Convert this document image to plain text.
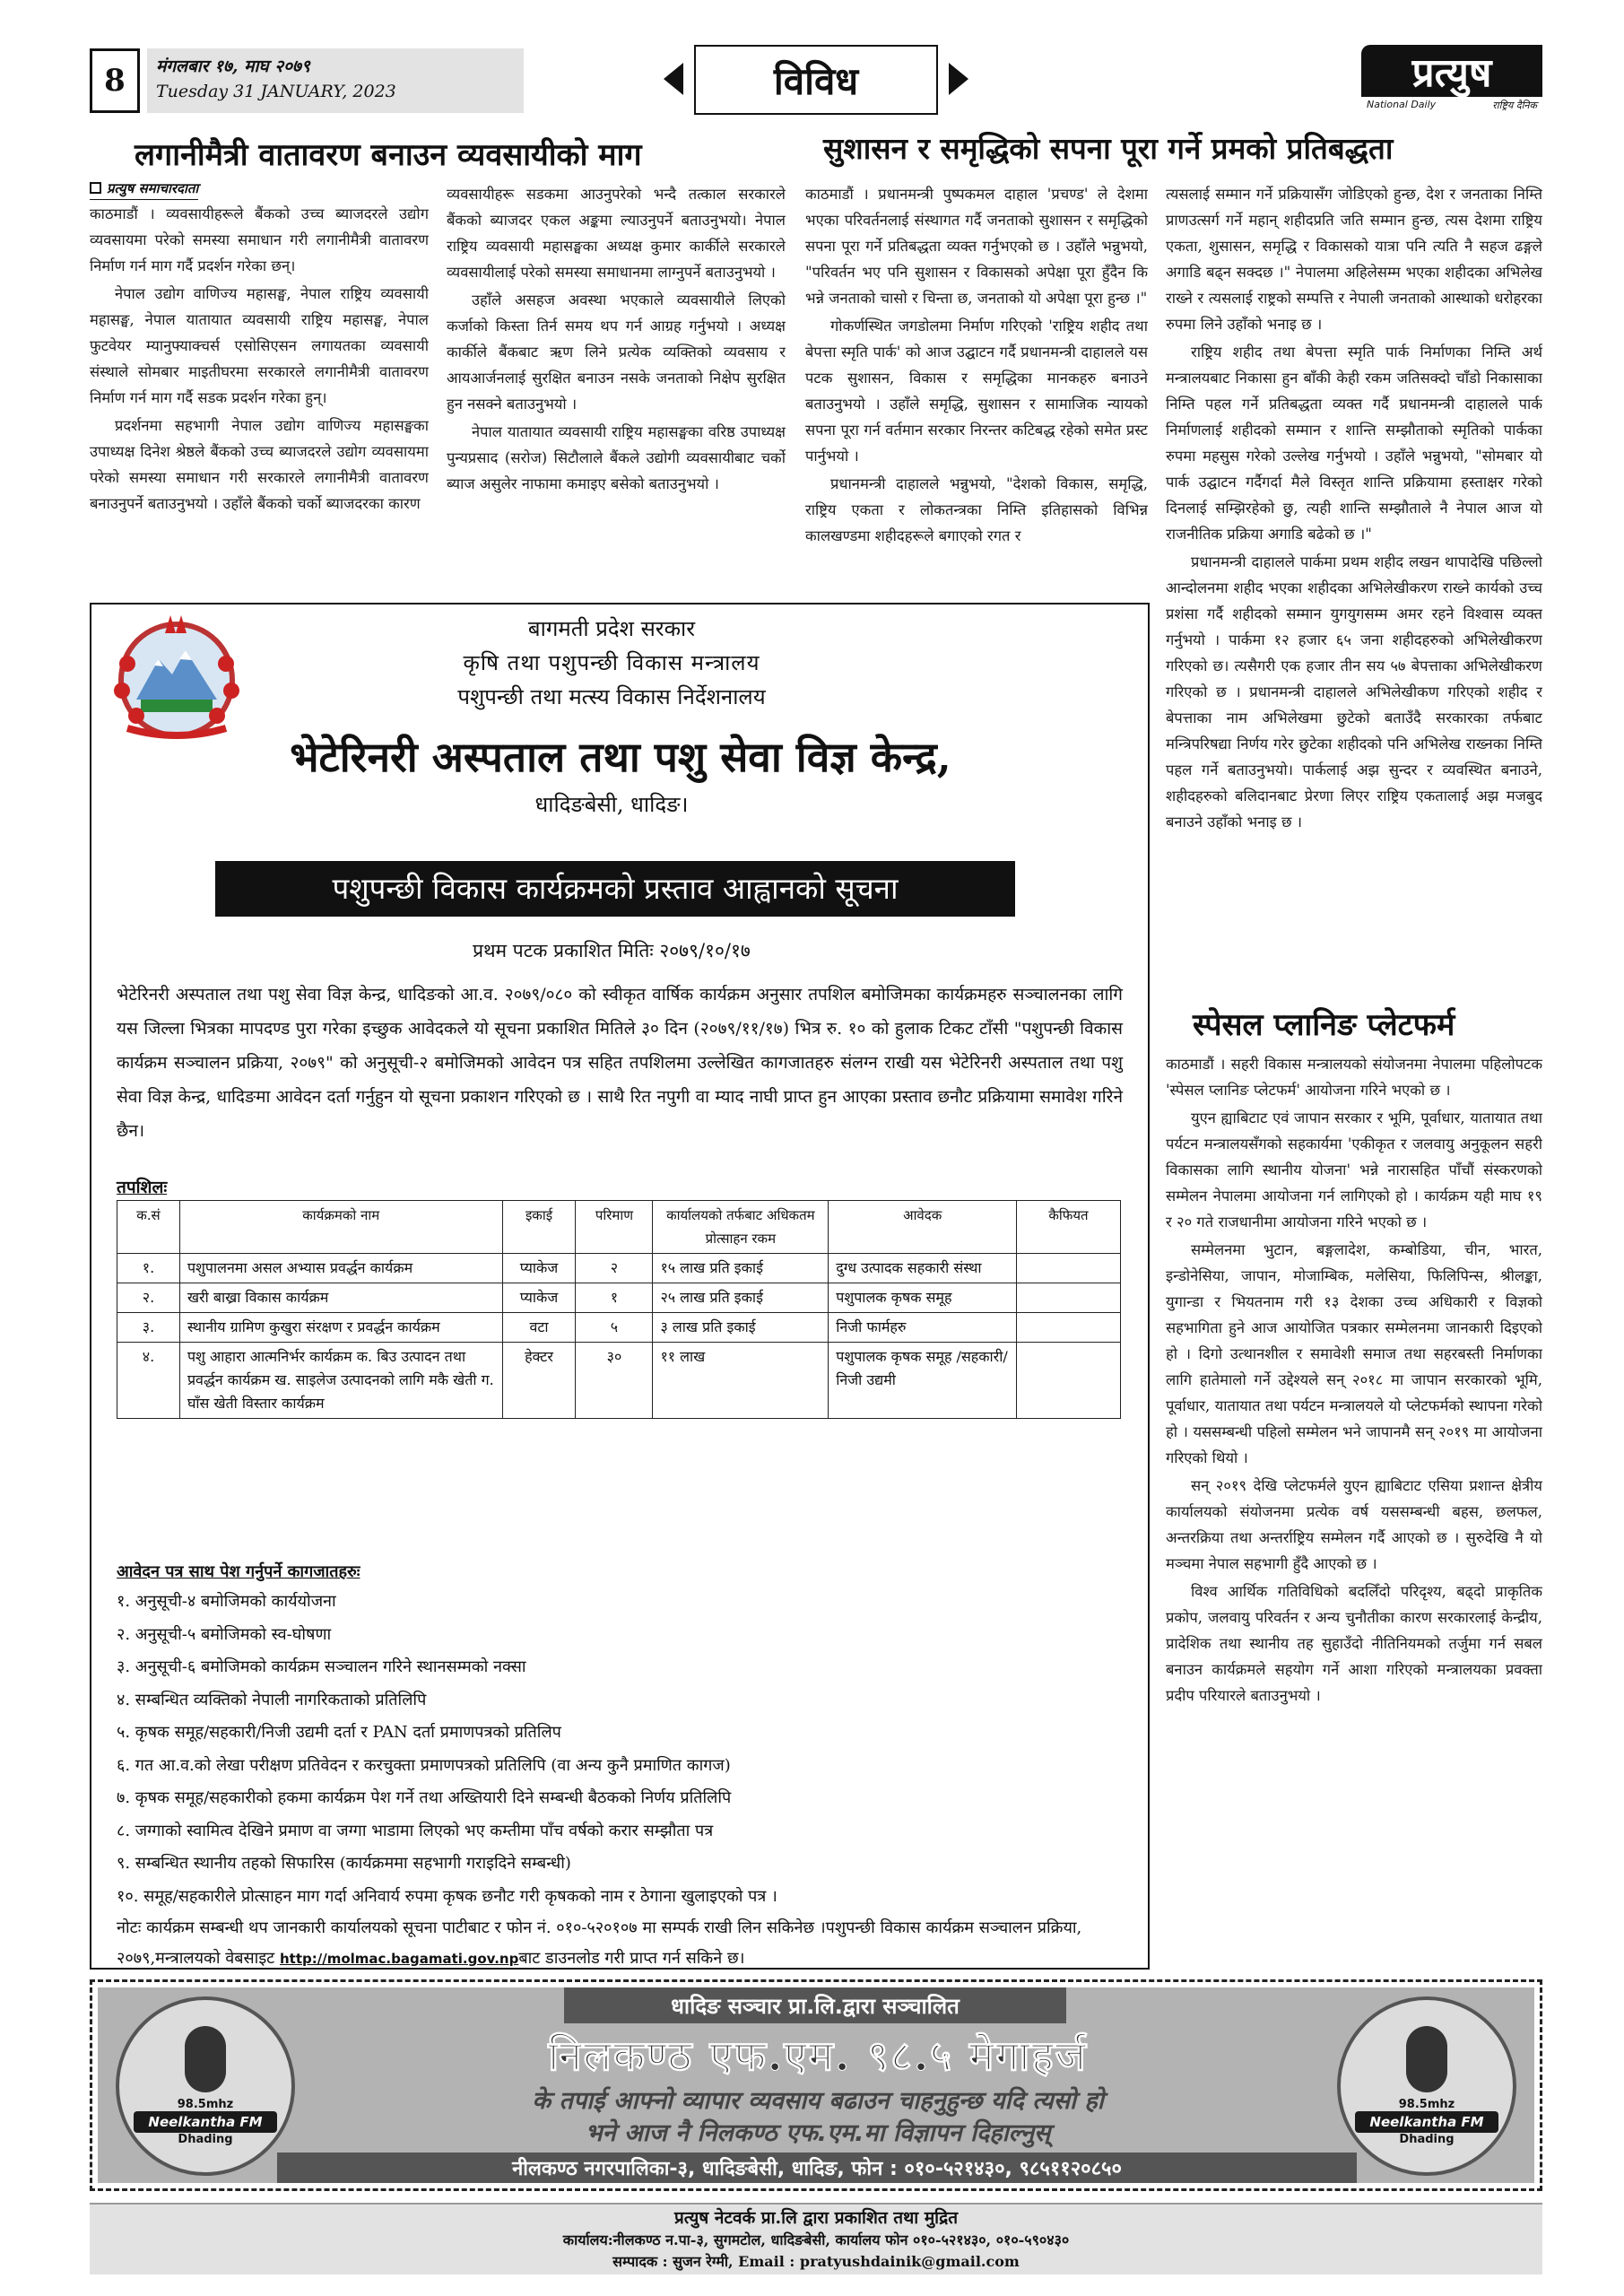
8	मंगलबार १७, माघ २०७९
Tuesday 31 JANUARY, 2023	विविध	प्रत्युष
National Daily	राष्ट्रिय दैनिक
लगानीमैत्री वातावरण बनाउन व्यवसायीको माग
प्रत्युष समाचारदाता

काठमाडौं । व्यवसायीहरूले बैंकको उच्च ब्याजदरले उद्योग व्यवसायमा परेको समस्या समाधान गरी लगानीमैत्री वातावरण निर्माण गर्न माग गर्दै प्रदर्शन गरेका छन्।

नेपाल उद्योग वाणिज्य महासङ्घ, नेपाल राष्ट्रिय व्यवसायी महासङ्घ, नेपाल यातायात व्यवसायी राष्ट्रिय महासङ्घ, नेपाल फुटवेयर म्यानुफ्याक्चर्स एसोसिएसन लगायतका व्यवसायी संस्थाले सोमबार माइतीघरमा सरकारले लगानीमैत्री वातावरण निर्माण गर्न माग गर्दै सडक प्रदर्शन गरेका हुन्।

प्रदर्शनमा सहभागी नेपाल उद्योग वाणिज्य महासङ्घका उपाध्यक्ष दिनेश श्रेष्ठले बैंकको उच्च ब्याजदरले उद्योग व्यवसायमा परेको समस्या समाधान गरी सरकारले लगानीमैत्री वातावरण बनाउनुपर्ने बताउनुभयो । उहाँले बैंकको चर्को ब्याजदरका कारण

व्यवसायीहरू सडकमा आउनुपरेको भन्दै तत्काल सरकारले बैंकको ब्याजदर एकल अङ्कमा ल्याउनुपर्ने बताउनुभयो। नेपाल राष्ट्रिय व्यवसायी महासङ्घका अध्यक्ष कुमार कार्कीले सरकारले व्यवसायीलाई परेको समस्या समाधानमा लाग्नुपर्ने बताउनुभयो ।

उहाँले असहज अवस्था भएकाले व्यवसायीले लिएको कर्जाको किस्ता तिर्न समय थप गर्न आग्रह गर्नुभयो । अध्यक्ष कार्कीले बैंकबाट ऋण लिने प्रत्येक व्यक्तिको व्यवसाय र आयआर्जनलाई सुरक्षित बनाउन नसके जनताको निक्षेप सुरक्षित हुन नसक्ने बताउनुभयो ।

नेपाल यातायात व्यवसायी राष्ट्रिय महासङ्घका वरिष्ठ उपाध्यक्ष पुन्यप्रसाद (सरोज) सिटौलाले बैंकले उद्योगी व्यवसायीबाट चर्को ब्याज असुलेर नाफामा कमाइए बसेको बताउनुभयो ।

सुशासन र समृद्धिको सपना पूरा गर्ने प्रमको प्रतिबद्धता

काठमाडौं । प्रधानमन्त्री पुष्पकमल दाहाल 'प्रचण्ड' ले देशमा भएका परिवर्तनलाई संस्थागत गर्दै जनताको सुशासन र समृद्धिको सपना पूरा गर्ने प्रतिबद्धता व्यक्त गर्नुभएको छ । उहाँले भन्नुभयो, "परिवर्तन भए पनि सुशासन र विकासको अपेक्षा पूरा हुँदैन कि भन्ने जनताको चासो र चिन्ता छ, जनताको यो अपेक्षा पूरा हुन्छ ।"

गोकर्णस्थित जगडोलमा निर्माण गरिएको 'राष्ट्रिय शहीद तथा बेपत्ता स्मृति पार्क' को आज उद्घाटन गर्दै प्रधानमन्त्री दाहालले यस पटक सुशासन, विकास र समृद्धिका मानकहरु बनाउने बताउनुभयो । उहाँले समृद्धि, सुशासन र सामाजिक न्यायको सपना पूरा गर्न वर्तमान सरकार निरन्तर कटिबद्ध रहेको समेत प्रस्ट पार्नुभयो ।

प्रधानमन्त्री दाहालले भन्नुभयो, "देशको विकास, समृद्धि, राष्ट्रिय एकता र लोकतन्त्रका निम्ति इतिहासको विभिन्न कालखण्डमा शहीदहरूले बगाएको रगत र

त्यसलाई सम्मान गर्ने प्रक्रियासँग जोडिएको हुन्छ, देश र जनताका निम्ति प्राणउत्सर्ग गर्ने महान् शहीदप्रति जति सम्मान हुन्छ, त्यस देशमा राष्ट्रिय एकता, शुसासन, समृद्धि र विकासको यात्रा पनि त्यति नै सहज ढङ्गले अगाडि बढ्न सक्दछ ।" नेपालमा अहिलेसम्म भएका शहीदका अभिलेख राख्ने र त्यसलाई राष्ट्रको सम्पत्ति र नेपाली जनताको आस्थाको धरोहरका रुपमा लिने उहाँको भनाइ छ ।

राष्ट्रिय शहीद तथा बेपत्ता स्मृति पार्क निर्माणका निम्ति अर्थ मन्त्रालयबाट निकासा हुन बाँकी केही रकम जतिसक्दो चाँडो निकासाका निम्ति पहल गर्ने प्रतिबद्धता व्यक्त गर्दै प्रधानमन्त्री दाहालले पार्क निर्माणलाई शहीदको सम्मान र शान्ति सम्झौताको स्मृतिको पार्कका रुपमा महसुस गरेको उल्लेख गर्नुभयो । उहाँले भन्नुभयो, "सोमबार यो पार्क उद्घाटन गर्दैगर्दा मैले विस्तृत शान्ति प्रक्रियामा हस्ताक्षर गरेको दिनलाई सम्झिरहेको छु, त्यही शान्ति सम्झौताले नै नेपाल आज यो राजनीतिक प्रक्रिया अगाडि बढेको छ ।"

प्रधानमन्त्री दाहालले पार्कमा प्रथम शहीद लखन थापादेखि पछिल्लो आन्दोलनमा शहीद भएका शहीदका अभिलेखीकरण राख्ने कार्यको उच्च प्रशंसा गर्दै शहीदको सम्मान युगयुगसम्म अमर रहने विश्वास व्यक्त गर्नुभयो । पार्कमा १२ हजार ६५ जना शहीदहरुको अभिलेखीकरण गरिएको छ। त्यसैगरी एक हजार तीन सय ५७ बेपत्ताका अभिलेखीकरण गरिएको छ । प्रधानमन्त्री दाहालले अभिलेखीकण गरिएको शहीद र बेपत्ताका नाम अभिलेखमा छुटेको बताउँदै सरकारका तर्फबाट मन्त्रिपरिषद्या निर्णय गरेर छुटेका शहीदको पनि अभिलेख राख्नका निम्ति पहल गर्ने बताउनुभयो। पार्कलाई अझ सुन्दर र व्यवस्थित बनाउने, शहीदहरुको बलिदानबाट प्रेरणा लिएर राष्ट्रिय एकतालाई अझ मजबुद बनाउने उहाँको भनाइ छ ।

स्पेसल प्लानिङ प्लेटफर्म

काठमाडौं । सहरी विकास मन्त्रालयको संयोजनमा नेपालमा पहिलोपटक 'स्पेसल प्लानिङ प्लेटफर्म' आयोजना गरिने भएको छ ।

युएन ह्याबिटाट एवं जापान सरकार र भूमि, पूर्वाधार, यातायात तथा पर्यटन मन्त्रालयसँगको सहकार्यमा 'एकीकृत र जलवायु अनुकूलन सहरी विकासका लागि स्थानीय योजना' भन्ने नारासहित पाँचौं संस्करणको सम्मेलन नेपालमा आयोजना गर्न लागिएको हो । कार्यक्रम यही माघ १९ र २० गते राजधानीमा आयोजना गरिने भएको छ ।

सम्मेलनमा भुटान, बङ्गलादेश, कम्बोडिया, चीन, भारत, इन्डोनेसिया, जापान, मोजाम्बिक, मलेसिया, फिलिपिन्स, श्रीलङ्का, युगान्डा र भियतनाम गरी १३ देशका उच्च अधिकारी र विज्ञको सहभागिता हुने आज आयोजित पत्रकार सम्मेलनमा जानकारी दिइएको हो । दिगो उत्थानशील र समावेशी समाज तथा सहरबस्ती निर्माणका लागि हातेमालो गर्ने उद्देश्यले सन् २०१८ मा जापान सरकारको भूमि, पूर्वाधार, यातायात तथा पर्यटन मन्त्रालयले यो प्लेटफर्मको स्थापना गरेको हो । यससम्बन्धी पहिलो सम्मेलन भने जापानमै सन् २०१९ मा आयोजना गरिएको थियो ।

सन् २०१९ देखि प्लेटफर्मले युएन ह्याबिटाट एसिया प्रशान्त क्षेत्रीय कार्यालयको संयोजनमा प्रत्येक वर्ष यससम्बन्धी बहस, छलफल, अन्तरक्रिया तथा अन्तर्राष्ट्रिय सम्मेलन गर्दै आएको छ । सुरुदेखि नै यो मञ्चमा नेपाल सहभागी हुँदै आएको छ ।

विश्व आर्थिक गतिविधिको बदलिँदो परिदृश्य, बढ्दो प्राकृतिक प्रकोप, जलवायु परिवर्तन र अन्य चुनौतीका कारण सरकारलाई केन्द्रीय, प्रादेशिक तथा स्थानीय तह सुहाउँदो नीतिनियमको तर्जुमा गर्न सबल बनाउन कार्यक्रमले सहयोग गर्ने आशा गरिएको मन्त्रालयका प्रवक्ता प्रदीप परियारले बताउनुभयो ।

बागमती प्रदेश सरकार
कृषि तथा पशुपन्छी विकास मन्त्रालय
पशुपन्छी तथा मत्स्य विकास निर्देशनालय
भेटेरिनरी अस्पताल तथा पशु सेवा विज्ञ केन्द्र,
धादिङबेसी, धादिङ।
पशुपन्छी विकास कार्यक्रमको प्रस्ताव आह्वानको सूचना
प्रथम पटक प्रकाशित मितिः २०७९/१०/१७
भेटेरिनरी अस्पताल तथा पशु सेवा विज्ञ केन्द्र, धादिङको आ.व. २०७९/०८० को स्वीकृत वार्षिक कार्यक्रम अनुसार तपशिल बमोजिमका कार्यक्रमहरु सञ्चालनका लागि यस जिल्ला भित्रका मापदण्ड पुरा गरेका इच्छुक आवेदकले यो सूचना प्रकाशित मितिले ३० दिन (२०७९/११/१७) भित्र रु. १० को हुलाक टिकट टाँसी "पशुपन्छी विकास कार्यक्रम सञ्चालन प्रक्रिया, २०७९" को अनुसूची-२ बमोजिमको आवेदन पत्र सहित तपशिलमा उल्लेखित कागजातहरु संलग्न राखी यस भेटेरिनरी अस्पताल तथा पशु सेवा विज्ञ केन्द्र, धादिङमा आवेदन दर्ता गर्नुहुन यो सूचना प्रकाशन गरिएको छ । साथै रित नपुगी वा म्याद नाघी प्राप्त हुन आएका प्रस्ताव छनौट प्रक्रियामा समावेश गरिने छैन।
तपशिलः
क.सं	कार्यक्रमको नाम	इकाई	परिमाण	कार्यालयको तर्फबाट अधिकतम प्रोत्साहन रकम	आवेदक	कैफियत
१.	पशुपालनमा असल अभ्यास प्रवर्द्धन कार्यक्रम	प्याकेज	२	१५ लाख प्रति इकाई	दुग्ध उत्पादक सहकारी संस्था	
२.	खरी बाख्रा विकास कार्यक्रम	प्याकेज	१	२५ लाख प्रति इकाई	पशुपालक कृषक समूह	
३.	स्थानीय ग्रामिण कुखुरा संरक्षण र प्रवर्द्धन कार्यक्रम	वटा	५	३ लाख प्रति इकाई	निजी फार्महरु	
४.	पशु आहारा आत्मनिर्भर कार्यक्रम क. बिउ उत्पादन तथा प्रवर्द्धन कार्यक्रम ख. साइलेज उत्पादनको लागि मकै खेती ग. घाँस खेती विस्तार कार्यक्रम	हेक्टर	३०	११ लाख	पशुपालक कृषक समूह /सहकारी/ निजी उद्यमी	
आवेदन पत्र साथ पेश गर्नुपर्ने कागजातहरुः
१. अनुसूची-४ बमोजिमको कार्ययोजना
२. अनुसूची-५ बमोजिमको स्व-घोषणा
३. अनुसूची-६ बमोजिमको कार्यक्रम सञ्चालन गरिने स्थानसम्मको नक्सा
४. सम्बन्धित व्यक्तिको नेपाली नागरिकताको प्रतिलिपि
५. कृषक समूह/सहकारी/निजी उद्यमी दर्ता र PAN दर्ता प्रमाणपत्रको प्रतिलिप
६. गत आ.व.को लेखा परीक्षण प्रतिवेदन र करचुक्ता प्रमाणपत्रको प्रतिलिपि (वा अन्य कुनै प्रमाणित कागज)
७. कृषक समूह/सहकारीको हकमा कार्यक्रम पेश गर्ने तथा अख्तियारी दिने सम्बन्धी बैठकको निर्णय प्रतिलिपि
८. जग्गाको स्वामित्व देखिने प्रमाण वा जग्गा भाडामा लिएको भए कम्तीमा पाँच वर्षको करार सम्झौता पत्र
९. सम्बन्धित स्थानीय तहको सिफारिस (कार्यक्रममा सहभागी गराइदिने सम्बन्धी)
१०. समूह/सहकारीले प्रोत्साहन माग गर्दा अनिवार्य रुपमा कृषक छनौट गरी कृषकको नाम र ठेगाना खुलाइएको पत्र ।
नोटः कार्यक्रम सम्बन्धी थप जानकारी कार्यालयको सूचना पाटीबाट र फोन नं. ०१०-५२०१०७ मा सम्पर्क राखी लिन सकिनेछ ।पशुपन्छी विकास कार्यक्रम सञ्चालन प्रक्रिया, २०७९,मन्त्रालयको वेबसाइट http://molmac.bagamati.gov.npबाट डाउनलोड गरी प्राप्त गर्न सकिने छ।
धादिङ सञ्चार प्रा.लि.द्वारा सञ्चालित
98.5mhz
Neelkantha FM
Dhading
98.5mhz
Neelkantha FM
Dhading
निलकण्ठ एफ.एम. ९८.५ मेगाहर्ज
के तपाई आफ्नो व्यापार व्यवसाय बढाउन चाहनुहुन्छ यदि त्यसो हो
भने आज नै निलकण्ठ एफ.एम.मा विज्ञापन दिहाल्नुस्
नीलकण्ठ नगरपालिका-३, धादिङबेसी, धादिङ, फोन : ०१०-५२१४३०, ९८५११२०८५०
प्रत्युष नेटवर्क प्रा.लि द्वारा प्रकाशित तथा मुद्रित
कार्यालय:नीलकण्ठ न.पा-३, सुगमटोल, धादिङबेसी, कार्यालय फोन ०१०-५२१४३०, ०१०-५९०४३०
सम्पादक : सुजन रेग्मी, Email : pratyushdainik@gmail.com
